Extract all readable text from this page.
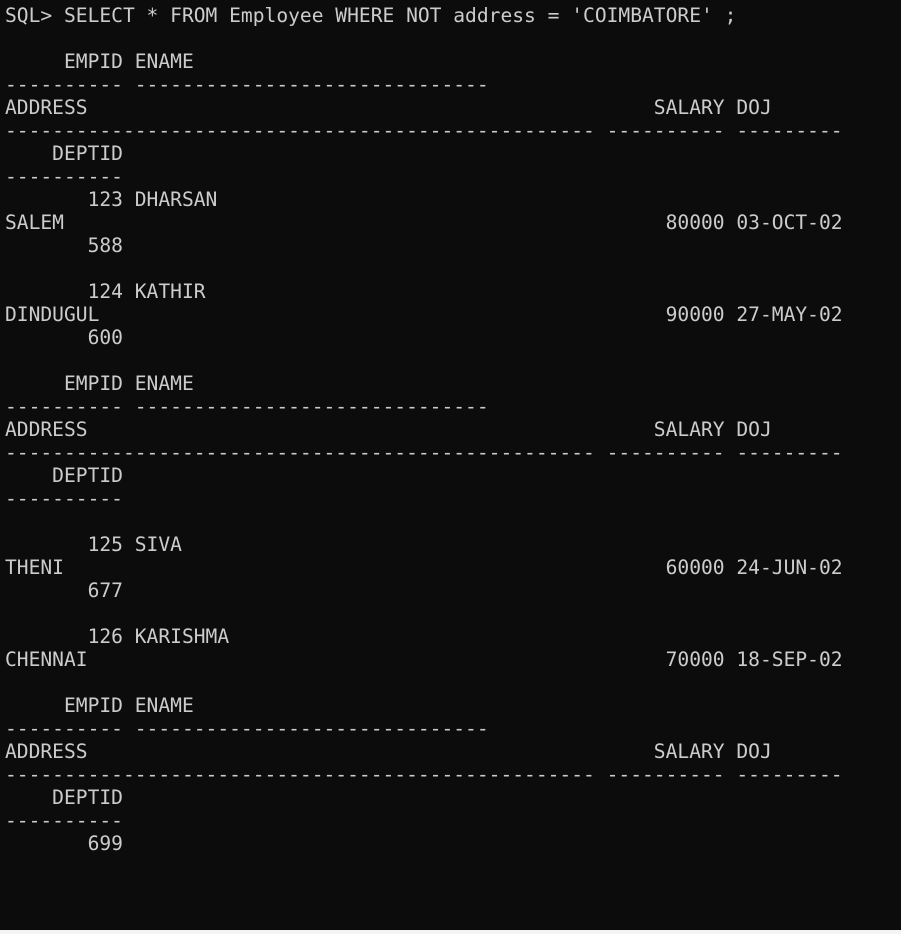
SQL> SELECT * FROM Employee WHERE NOT address = 'COIMBATORE' ;
EMPID ENAME
---------- ------------------------------
ADDRESS                                                SALARY DOJ
-------------------------------------------------- ---------- ---------
DEPTID
----------
123 DHARSAN
SALEM                                                   80000 03-OCT-02
588
124 KATHIR
DINDUGUL                                                90000 27-MAY-02
600
EMPID ENAME
---------- ------------------------------
ADDRESS                                                SALARY DOJ
-------------------------------------------------- ---------- ---------
DEPTID
----------
125 SIVA
THENI                                                   60000 24-JUN-02
677
126 KARISHMA
CHENNAI                                                 70000 18-SEP-02
EMPID ENAME
---------- ------------------------------
ADDRESS                                                SALARY DOJ
-------------------------------------------------- ---------- ---------
DEPTID
----------
699
